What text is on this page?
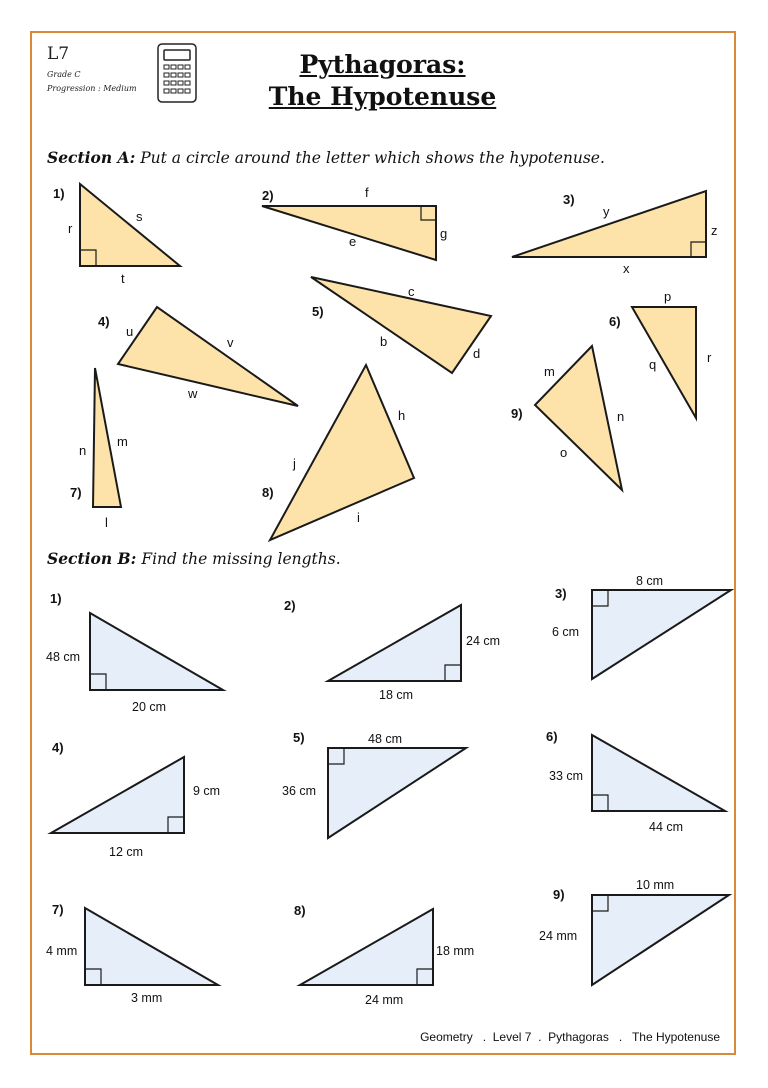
L7
Grade C
Progression : Medium
Pythagoras:
The Hypotenuse
Section A: Put a circle around the letter which shows the hypotenuse.
Section B: Find the missing lengths.
1)	2)	3)
4)
5)
6)
7)	8)
9)
r
s
t
f
g
e
y
z
x
u
v
w
c
b
d
p
q	r
n
m
l
h
j
i
m
n
o
1)	2)
3)
4)
5)	6)
7)	8)
9)
48 cm
20 cm
24 cm
18 cm
8 cm
6 cm
9 cm
12 cm
48 cm
36 cm
33 cm
44 cm
4 mm
3 mm
18 mm
24 mm
10 mm
24 mm
Geometry   .  Level 7  .  Pythagoras   .   The Hypotenuse
